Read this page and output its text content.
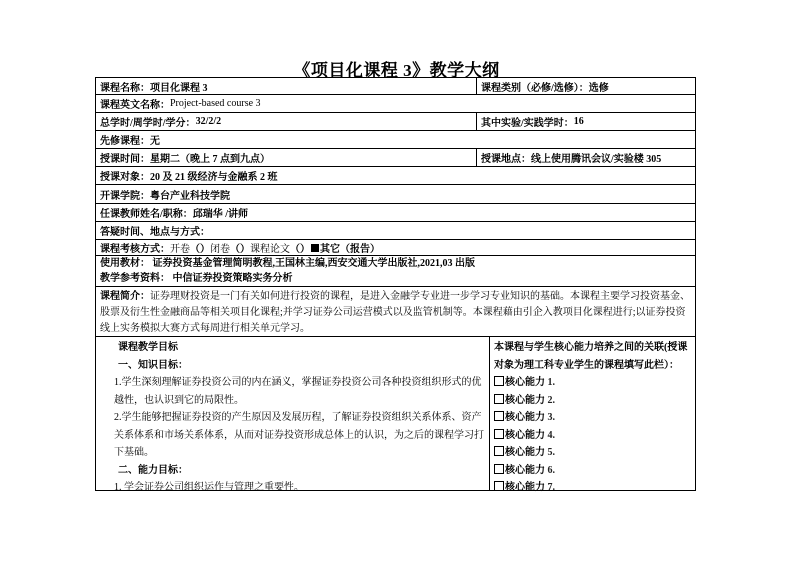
《项目化课程 3》教学大纲
课程名称： 项目化课程 3	课程类别（必修/选修）： 选修
课程英文名称： Project-based course 3
总学时/周学时/学分： 32/2/2	其中实验/实践学时： 16
先修课程： 无
授课时间： 星期二（晚上 7 点到九点）	授课地点： 线上使用腾讯会议/实验楼 305
授课对象： 20 及 21 级经济与金融系 2 班
开课学院： 粤台产业科技学院
任课教师姓名/职称： 邱瑞华 /讲师
答疑时间、地点与方式：
课程考核方式： 开卷 （） 闭卷 （） 课程论文 （） 其它（报告）
使用教材： 证券投资基金管理简明教程,王国林主编,西安交通大学出版社,2021,03 出版
教学参考资料： 中信证券投资策略实务分析
课程简介：证券理财投资是一门有关如何进行投资的课程，是进入金融学专业进一步学习专业知识的基础。本课程主要学习投资基金、股票及衍生性金融商品等相关项目化课程;并学习证券公司运营模式以及监管机制等。本课程藉由引企入教项目化课程进行;以证券投资线上实务模拟大赛方式每周进行相关单元学习。
课程教学目标
一、知识目标：
1.学生深刻理解证券投资公司的内在涵义，掌握证券投资公司各种投资组织形式的优越性，也认识到它的局限性。
2.学生能够把握证券投资的产生原因及发展历程，了解证券投资组织关系体系、资产关系体系和市场关系体系，从而对证券投资形成总体上的认识，为之后的课程学习打下基础。
二、能力目标：
1. 学会证券公司组织运作与管理之重要性。
本课程与学生核心能力培养之间的关联(授课对象为理工科专业学生的课程填写此栏）：
核心能力 1.
核心能力 2.
核心能力 3.
核心能力 4.
核心能力 5.
核心能力 6.
核心能力 7.
